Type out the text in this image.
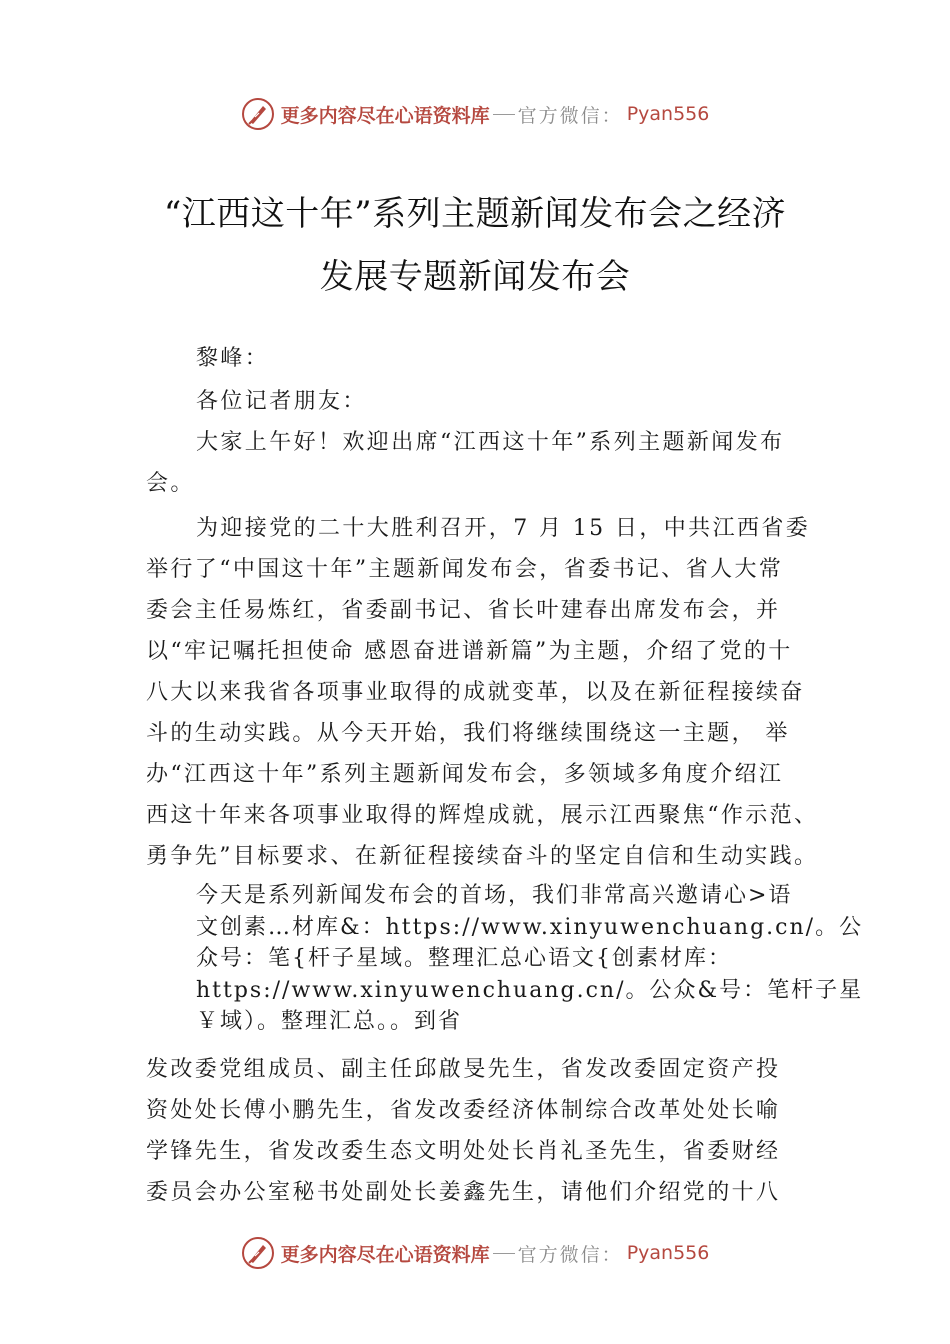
更多内容尽在心语资料库 官方微信： Pyan556
“江西这十年”系列主题新闻发布会之经济
发展专题新闻发布会
黎峰：
各位记者朋友：
大家上午好！欢迎出席“江西这十年”系列主题新闻发布
会。
为迎接党的二十大胜利召开，7 月 15 日，中共江西省委
举行了“中国这十年”主题新闻发布会，省委书记、省人大常
委会主任易炼红，省委副书记、省长叶建春出席发布会，并
以“牢记嘱托担使命 感恩奋进谱新篇”为主题，介绍了党的十
八大以来我省各项事业取得的成就变革，以及在新征程接续奋
斗的生动实践。从今天开始，我们将继续围绕这一主题， 举
办“江西这十年”系列主题新闻发布会，多领域多角度介绍江
西这十年来各项事业取得的辉煌成就，展示江西聚焦“作示范、
勇争先”目标要求、在新征程接续奋斗的坚定自信和生动实践。
今天是系列新闻发布会的首场，我们非常高兴邀请心>语
文创素…材库&：https://www.xinyuwenchuang.cn/。公
众号：笔{杆子星域。整理汇总心语文{创素材库：
https://www.xinyuwenchuang.cn/。公众&号：笔杆子星
￥域）。整理汇总。。到省
发改委党组成员、副主任邱啟旻先生，省发改委固定资产投
资处处长傅小鹏先生，省发改委经济体制综合改革处处长喻
学锋先生，省发改委生态文明处处长肖礼圣先生，省委财经
委员会办公室秘书处副处长姜鑫先生，请他们介绍党的十八
更多内容尽在心语资料库 官方微信： Pyan556
